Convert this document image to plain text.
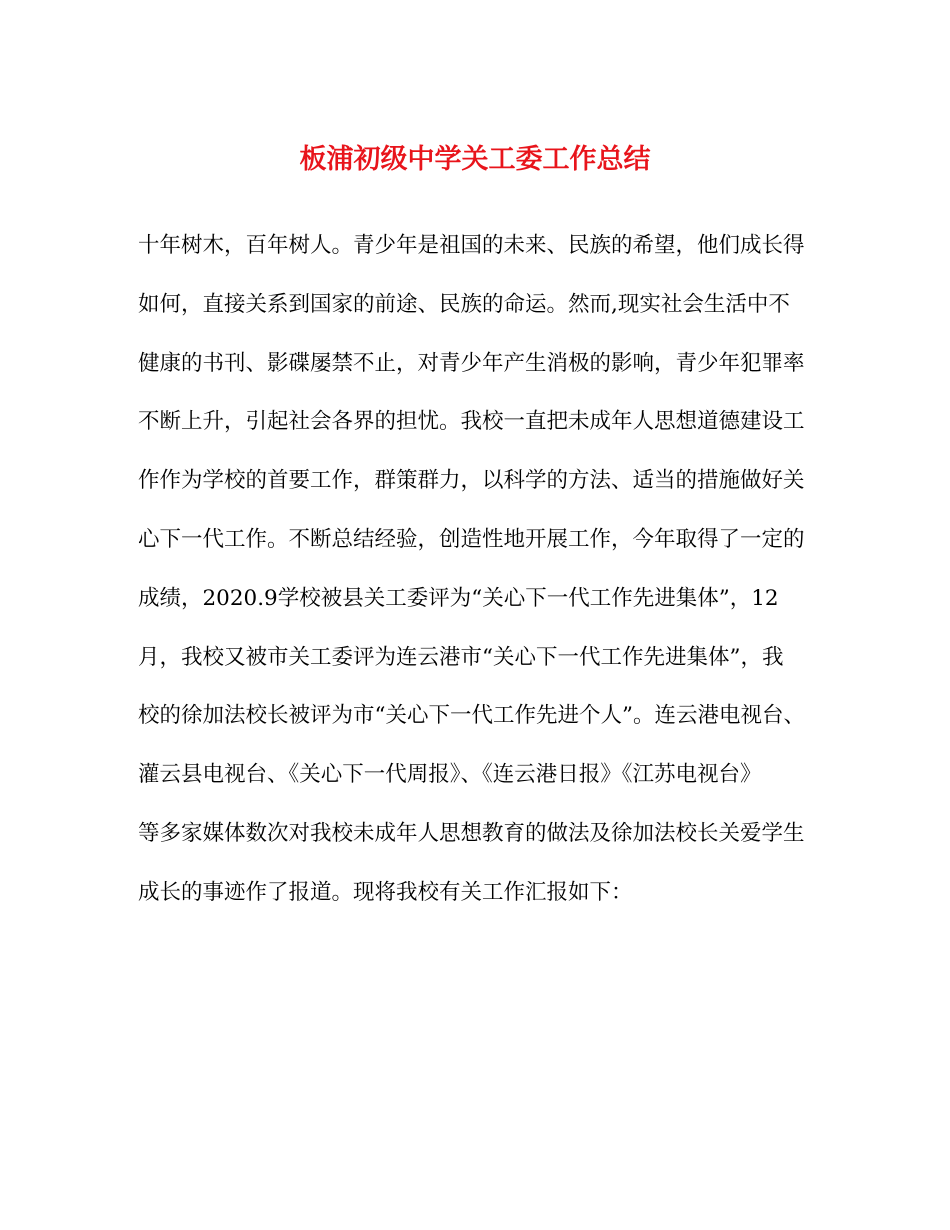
板浦初级中学关工委工作总结
十年树木，百年树人。青少年是祖国的未来、民族的希望，他们成长得
如何，直接关系到国家的前途、民族的命运。然而,现实社会生活中不
健康的书刊、影碟屡禁不止，对青少年产生消极的影响，青少年犯罪率
不断上升，引起社会各界的担忧。我校一直把未成年人思想道德建设工
作作为学校的首要工作，群策群力，以科学的方法、适当的措施做好关
心下一代工作。不断总结经验，创造性地开展工作，今年取得了一定的
成绩，2020.9学校被县关工委评为“关心下一代工作先进集体”，12
月，我校又被市关工委评为连云港市“关心下一代工作先进集体”，我
校的徐加法校长被评为市“关心下一代工作先进个人”。连云港电视台、
灌云县电视台、《关心下一代周报》、《连云港日报》《江苏电视台》
等多家媒体数次对我校未成年人思想教育的做法及徐加法校长关爱学生
成长的事迹作了报道。现将我校有关工作汇报如下：
